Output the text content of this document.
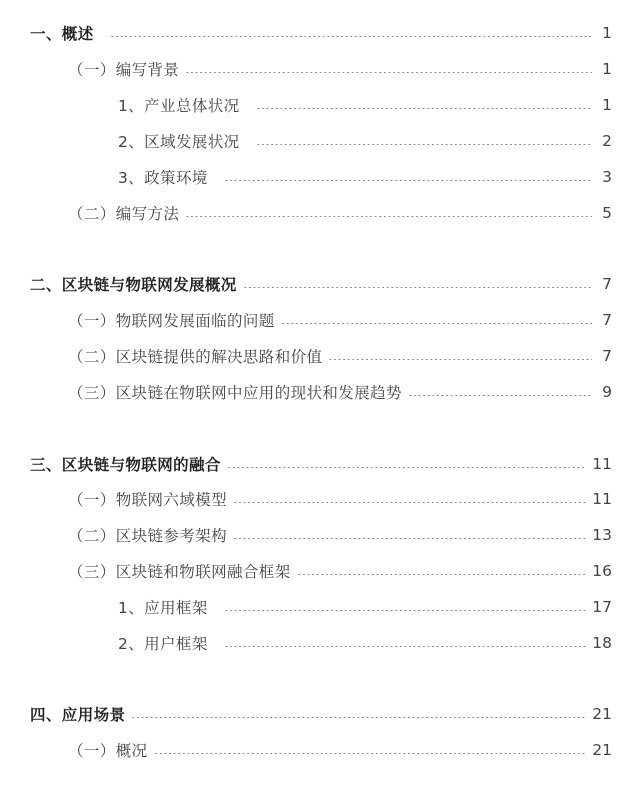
一、概述	1
（一）编写背景	1
1、产业总体状况	1
2、区域发展状况	2
3、政策环境	3
（二）编写方法	5
二、区块链与物联网发展概况	7
（一）物联网发展面临的问题	7
（二）区块链提供的解决思路和价值	7
（三）区块链在物联网中应用的现状和发展趋势	9
三、区块链与物联网的融合	11
（一）物联网六域模型	11
（二）区块链参考架构	13
（三）区块链和物联网融合框架	16
1、应用框架	17
2、用户框架	18
四、应用场景	21
（一）概况	21
